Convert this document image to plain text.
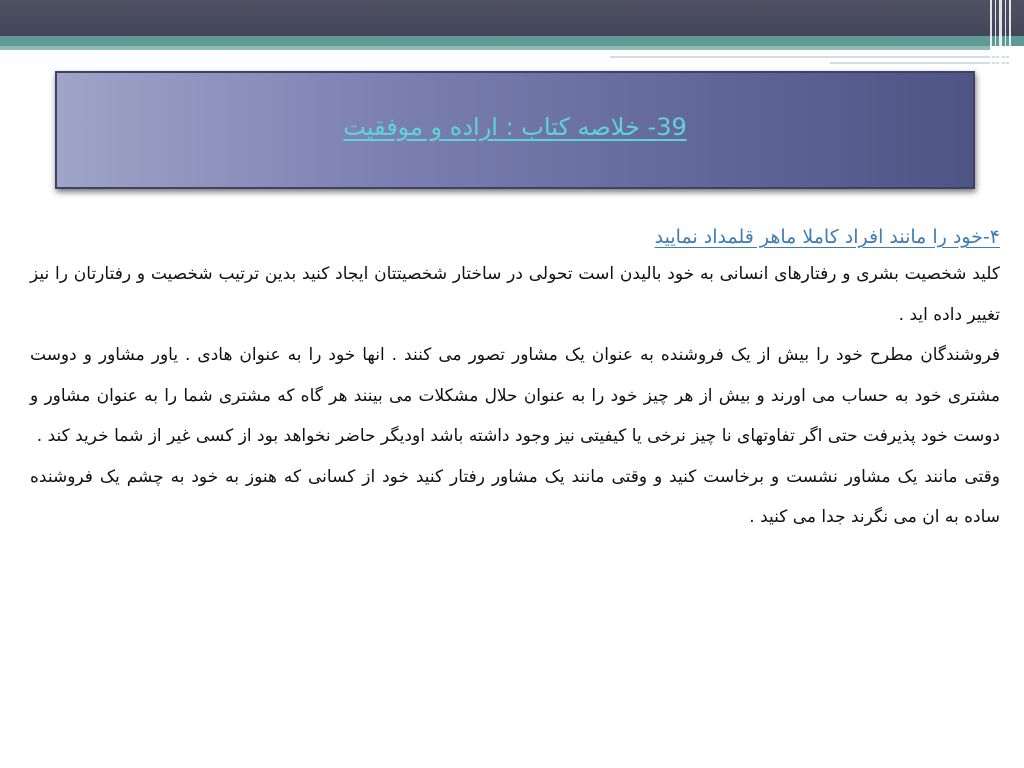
39- خلاصه کتاب : اراده و موفقیت
۴-خود را مانند افراد کاملا ماهر قلمداد نمایید

کلید شخصیت بشری و رفتارهای انسانی به خود بالیدن است تحولی در ساختار شخصیتتان ایجاد کنید بدین ترتیب شخصیت و رفتارتان را نیز تغییر داده اید .

فروشندگان مطرح خود را بیش از یک فروشنده به عنوان یک مشاور تصور می کنند . انها خود را به عنوان هادی . یاور مشاور و دوست مشتری خود به حساب می اورند و بیش از هر چیز خود را به عنوان حلال مشکلات می بینند هر گاه که مشتری شما را به عنوان مشاور و دوست خود پذیرفت حتی اگر تفاوتهای نا چیز نرخی یا کیفیتی نیز وجود داشته باشد اودیگر حاضر نخواهد بود از کسی غیر از شما خرید کند .

وقتی مانند یک مشاور نشست و برخاست کنید و وقتی مانند یک مشاور رفتار کنید خود از کسانی که هنوز به خود به چشم یک فروشنده ساده به ان می نگرند جدا می کنید .
